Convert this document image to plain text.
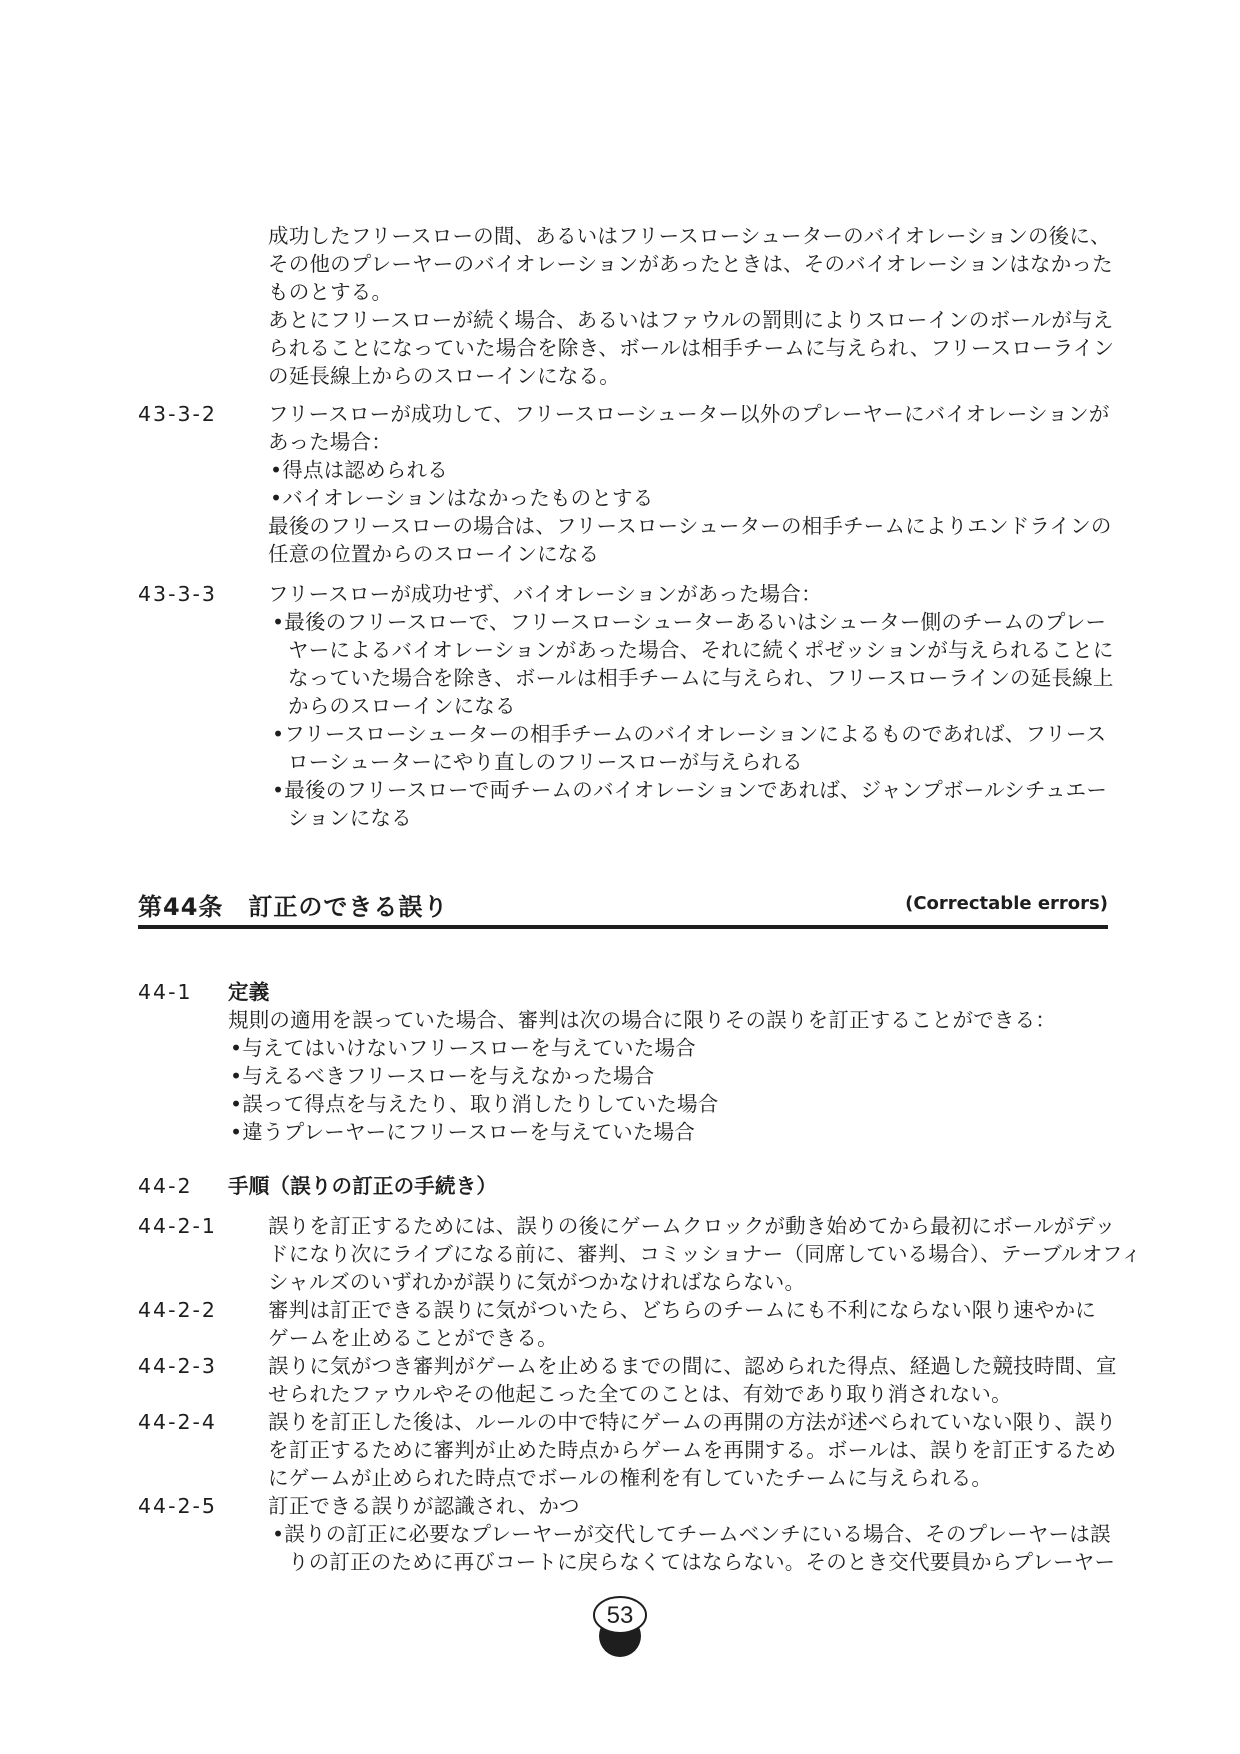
成功したフリースローの間、あるいはフリースローシューターのバイオレーションの後に、
その他のプレーヤーのバイオレーションがあったときは、そのバイオレーションはなかった
ものとする。
あとにフリースローが続く場合、あるいはファウルの罰則によりスローインのボールが与え
られることになっていた場合を除き、ボールは相手チームに与えられ、フリースローライン
の延長線上からのスローインになる。
43-3-2 フリースローが成功して、フリースローシューター以外のプレーヤーにバイオレーションが
あった場合：
•得点は認められる
•バイオレーションはなかったものとする
最後のフリースローの場合は、フリースローシューターの相手チームによりエンドラインの
任意の位置からのスローインになる
43-3-3 フリースローが成功せず、バイオレーションがあった場合：
•最後のフリースローで、フリースローシューターあるいはシューター側のチームのプレー
ヤーによるバイオレーションがあった場合、それに続くポゼッションが与えられることに
なっていた場合を除き、ボールは相手チームに与えられ、フリースローラインの延長線上
からのスローインになる
•フリースローシューターの相手チームのバイオレーションによるものであれば、フリース
ローシューターにやり直しのフリースローが与えられる
•最後のフリースローで両チームのバイオレーションであれば、ジャンプボールシチュエー
ションになる
第44条　訂正のできる誤り	(Correctable errors)
44-1 定義
規則の適用を誤っていた場合、審判は次の場合に限りその誤りを訂正することができる：
•与えてはいけないフリースローを与えていた場合
•与えるべきフリースローを与えなかった場合
•誤って得点を与えたり、取り消したりしていた場合
•違うプレーヤーにフリースローを与えていた場合
44-2 手順（誤りの訂正の手続き）
44-2-1 誤りを訂正するためには、誤りの後にゲームクロックが動き始めてから最初にボールがデッ
ドになり次にライブになる前に、審判、コミッショナー（同席している場合）、テーブルオフィ
シャルズのいずれかが誤りに気がつかなければならない。
44-2-2 審判は訂正できる誤りに気がついたら、どちらのチームにも不利にならない限り速やかに
ゲームを止めることができる。
44-2-3 誤りに気がつき審判がゲームを止めるまでの間に、認められた得点、経過した競技時間、宣
せられたファウルやその他起こった全てのことは、有効であり取り消されない。
44-2-4 誤りを訂正した後は、ルールの中で特にゲームの再開の方法が述べられていない限り、誤り
を訂正するために審判が止めた時点からゲームを再開する。ボールは、誤りを訂正するため
にゲームが止められた時点でボールの権利を有していたチームに与えられる。
44-2-5 訂正できる誤りが認識され、かつ
•誤りの訂正に必要なプレーヤーが交代してチームベンチにいる場合、そのプレーヤーは誤
りの訂正のために再びコートに戻らなくてはならない。そのとき交代要員からプレーヤー
53
